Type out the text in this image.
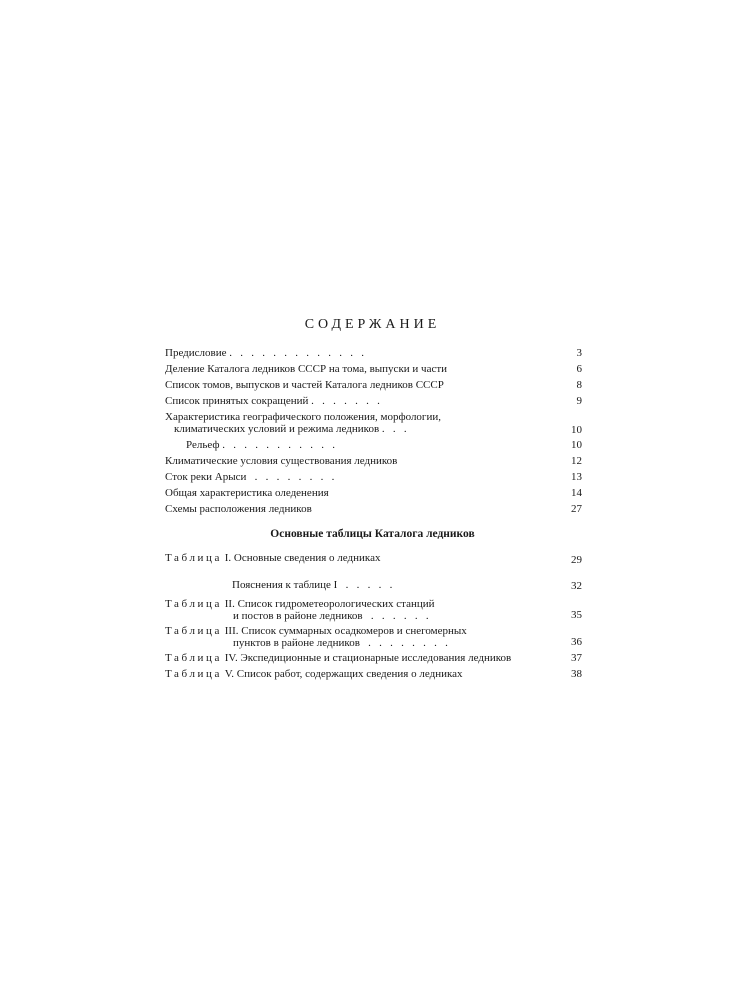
СОДЕРЖАНИЕ
Основные таблицы Каталога ледников
Предисловие .   .   .   .   .   .   .   .   .   .   .   .   .	3
Деление Каталога ледников СССР на тома, выпуски и части	6
Список томов, выпусков и частей Каталога ледников СССР	8
Список принятых сокращений .   .   .   .   .   .   .	9
Характеристика географического положения, морфологии,
климатических условий и режима ледников .   .   .	10
Рельеф .   .   .   .   .   .   .   .   .   .   .	10
Климатические условия существования ледников	12
Сток реки Арыси   .   .   .   .   .   .   .   .	13
Общая характеристика оледенения	14
Схемы расположения ледников	27
Таблица I. Основные сведения о ледниках	29
Пояснения к таблице I   .   .   .   .   .	32
Таблица II. Список гидрометеорологических станций
и постов в районе ледников   .   .   .   .   .   .	35
Таблица III. Список суммарных осадкомеров и снегомерных
пунктов в районе ледников   .   .   .   .   .   .   .   .	36
Таблица IV. Экспедиционные и стационарные исследования ледников	37
Таблица V. Список работ, содержащих сведения о ледниках	38
